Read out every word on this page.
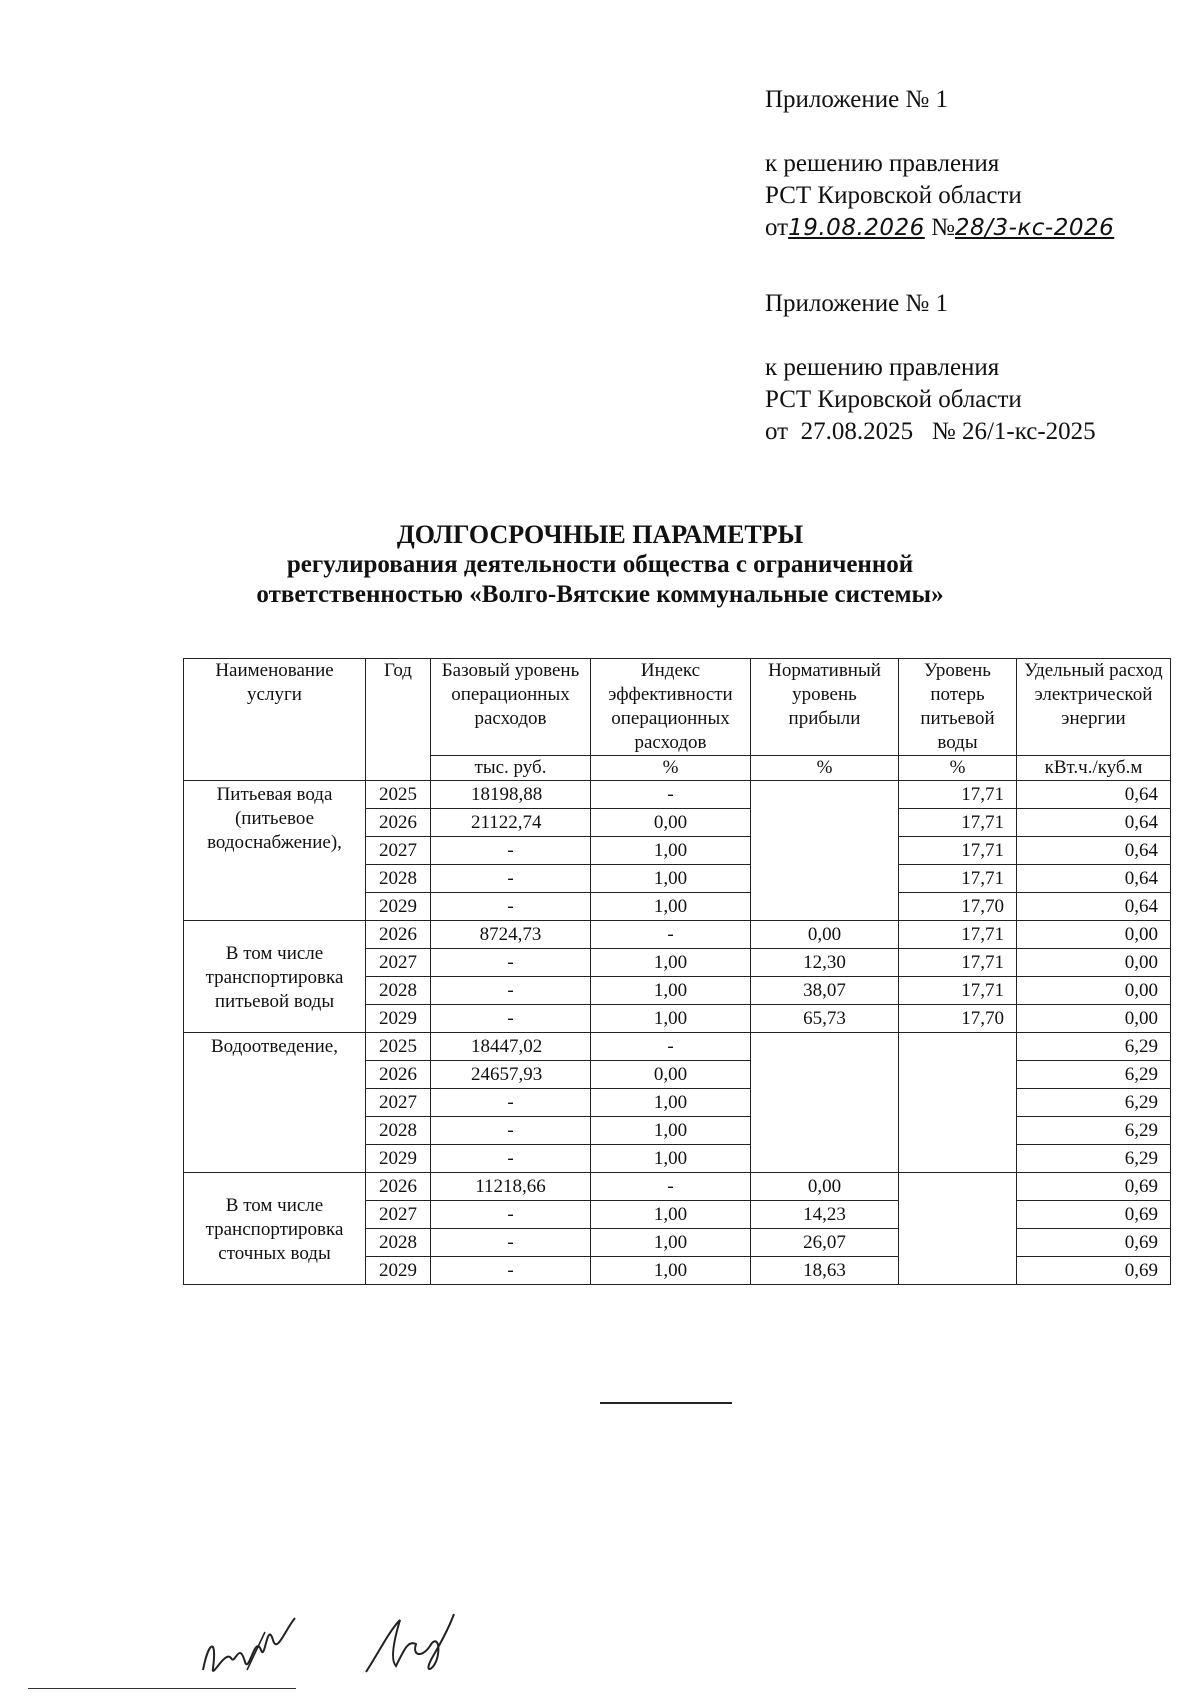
Приложение № 1
к решению правления
РСТ Кировской области
от19.08.2026 №28/3-кс-2026
Приложение № 1
к решению правления
РСТ Кировской области
от  27.08.2025   № 26/1-кс-2025
ДОЛГОСРОЧНЫЕ ПАРАМЕТРЫ
регулирования деятельности общества с ограниченной
ответственностью «Волго-Вятские коммунальные системы»
Наименование услуги	Год	Базовый уровень операционных расходов	Индекс эффективности операционных расходов	Нормативный уровень прибыли	Уровень потерь питьевой воды	Удельный расход электрической энергии
		тыс. руб.	%	%	%	кВт.ч./куб.м
Питьевая вода (питьевое водоснабжение),	2025	18198,88	-		17,71	0,64
	2026	21122,74	0,00		17,71	0,64
	2027	-	1,00		17,71	0,64
	2028	-	1,00		17,71	0,64
	2029	-	1,00		17,70	0,64
В том числе транспортировка питьевой воды	2026	8724,73	-	0,00	17,71	0,00
	2027	-	1,00	12,30	17,71	0,00
	2028	-	1,00	38,07	17,71	0,00
	2029	-	1,00	65,73	17,70	0,00
Водоотведение,	2025	18447,02	-			6,29
	2026	24657,93	0,00			6,29
	2027	-	1,00			6,29
	2028	-	1,00			6,29
	2029	-	1,00			6,29
В том числе транспортировка сточных воды	2026	11218,66	-	0,00		0,69
	2027	-	1,00	14,23		0,69
	2028	-	1,00	26,07		0,69
	2029	-	1,00	18,63		0,69
